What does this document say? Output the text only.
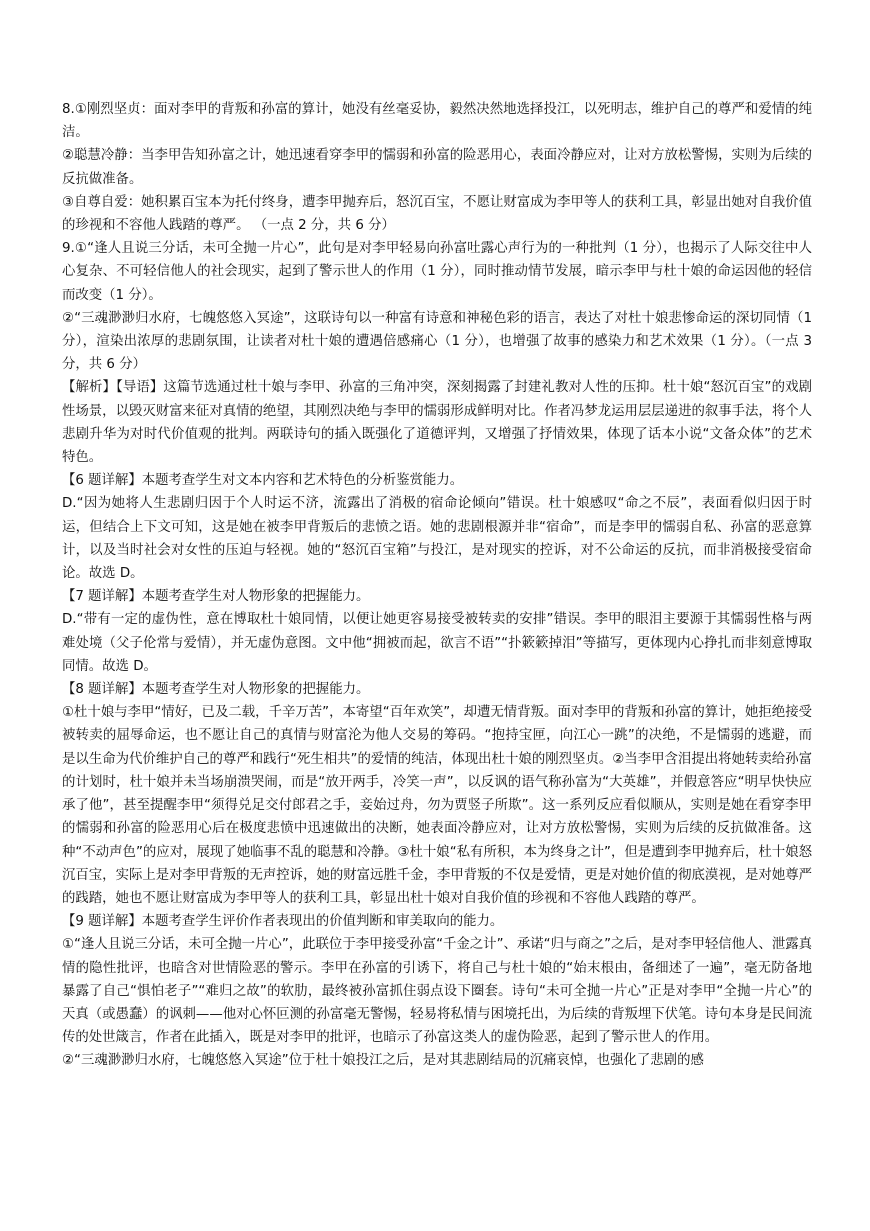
8.①刚烈坚贞：面对李甲的背叛和孙富的算计，她没有丝毫妥协，毅然决然地选择投江，以死明志，维护自己的尊严和爱情的纯洁。

②聪慧冷静：当李甲告知孙富之计，她迅速看穿李甲的懦弱和孙富的险恶用心，表面冷静应对，让对方放松警惕，实则为后续的反抗做准备。

③自尊自爱：她积累百宝本为托付终身，遭李甲抛弃后，怒沉百宝，不愿让财富成为李甲等人的获利工具，彰显出她对自我价值的珍视和不容他人践踏的尊严。 （一点 2 分，共 6 分）

9.①“逢人且说三分话，未可全抛一片心”，此句是对李甲轻易向孙富吐露心声行为的一种批判（1 分），也揭示了人际交往中人心复杂、不可轻信他人的社会现实，起到了警示世人的作用（1 分），同时推动情节发展，暗示李甲与杜十娘的命运因他的轻信而改变（1 分）。

②“三魂渺渺归水府，七魄悠悠入冥途”，这联诗句以一种富有诗意和神秘色彩的语言，表达了对杜十娘悲惨命运的深切同情（1 分），渲染出浓厚的悲剧氛围，让读者对杜十娘的遭遇倍感痛心（1 分），也增强了故事的感染力和艺术效果（1 分）。（一点 3 分，共 6 分）

【解析】【导语】这篇节选通过杜十娘与李甲、孙富的三角冲突，深刻揭露了封建礼教对人性的压抑。杜十娘“怒沉百宝”的戏剧性场景，以毁灭财富来征对真情的绝望，其刚烈决绝与李甲的懦弱形成鲜明对比。作者冯梦龙运用层层递进的叙事手法，将个人悲剧升华为对时代价值观的批判。两联诗句的插入既强化了道德评判，又增强了抒情效果，体现了话本小说“文备众体”的艺术特色。

【6 题详解】本题考查学生对文本内容和艺术特色的分析鉴赏能力。

D.“因为她将人生悲剧归因于个人时运不济，流露出了消极的宿命论倾向”错误。杜十娘感叹“命之不辰”，表面看似归因于时运，但结合上下文可知，这是她在被李甲背叛后的悲愤之语。她的悲剧根源并非“宿命”，而是李甲的懦弱自私、孙富的恶意算计，以及当时社会对女性的压迫与轻视。她的“怒沉百宝箱”与投江，是对现实的控诉，对不公命运的反抗，而非消极接受宿命论。故选 D。

【7 题详解】本题考查学生对人物形象的把握能力。

D.“带有一定的虚伪性，意在博取杜十娘同情，以便让她更容易接受被转卖的安排”错误。李甲的眼泪主要源于其懦弱性格与两难处境（父子伦常与爱情），并无虚伪意图。文中他“拥被而起，欲言不语”“扑簌簌掉泪”等描写，更体现内心挣扎而非刻意博取同情。故选 D。

【8 题详解】本题考查学生对人物形象的把握能力。

①杜十娘与李甲“情好，已及二载，千辛万苦”，本寄望“百年欢笑”，却遭无情背叛。面对李甲的背叛和孙富的算计，她拒绝接受被转卖的屈辱命运，也不愿让自己的真情与财富沦为他人交易的筹码。“抱持宝匣，向江心一跳”的决绝，不是懦弱的逃避，而是以生命为代价维护自己的尊严和践行“死生相共”的爱情的纯洁，体现出杜十娘的刚烈坚贞。②当李甲含泪提出将她转卖给孙富的计划时，杜十娘并未当场崩溃哭闹，而是“放开两手，冷笑一声”，以反讽的语气称孙富为“大英雄”，并假意答应“明早快快应承了他”，甚至提醒李甲“须得兑足交付郎君之手，妾始过舟，勿为贾竖子所欺”。这一系列反应看似顺从，实则是她在看穿李甲的懦弱和孙富的险恶用心后在极度悲愤中迅速做出的决断，她表面冷静应对，让对方放松警惕，实则为后续的反抗做准备。这种“不动声色”的应对，展现了她临事不乱的聪慧和冷静。③杜十娘“私有所积，本为终身之计”，但是遭到李甲抛弃后，杜十娘怒沉百宝，实际上是对李甲背叛的无声控诉，她的财富远胜千金，李甲背叛的不仅是爱情，更是对她价值的彻底漠视，是对她尊严的践踏，她也不愿让财富成为李甲等人的获利工具，彰显出杜十娘对自我价值的珍视和不容他人践踏的尊严。

【9 题详解】本题考查学生评价作者表现出的价值判断和审美取向的能力。

①“逢人且说三分话，未可全抛一片心”，此联位于李甲接受孙富“千金之计”、承诺“归与商之”之后，是对李甲轻信他人、泄露真情的隐性批评，也暗含对世情险恶的警示。李甲在孙富的引诱下，将自己与杜十娘的“始末根由，备细述了一遍”，毫无防备地暴露了自己“惧怕老子”“难归之故”的软肋，最终被孙富抓住弱点设下圈套。诗句“未可全抛一片心”正是对李甲“全抛一片心”的天真（或愚蠢）的讽刺——他对心怀叵测的孙富毫无警惕，轻易将私情与困境托出，为后续的背叛埋下伏笔。诗句本身是民间流传的处世箴言，作者在此插入，既是对李甲的批评，也暗示了孙富这类人的虚伪险恶，起到了警示世人的作用。

②“三魂渺渺归水府，七魄悠悠入冥途”位于杜十娘投江之后，是对其悲剧结局的沉痛哀悼，也强化了悲剧的感
